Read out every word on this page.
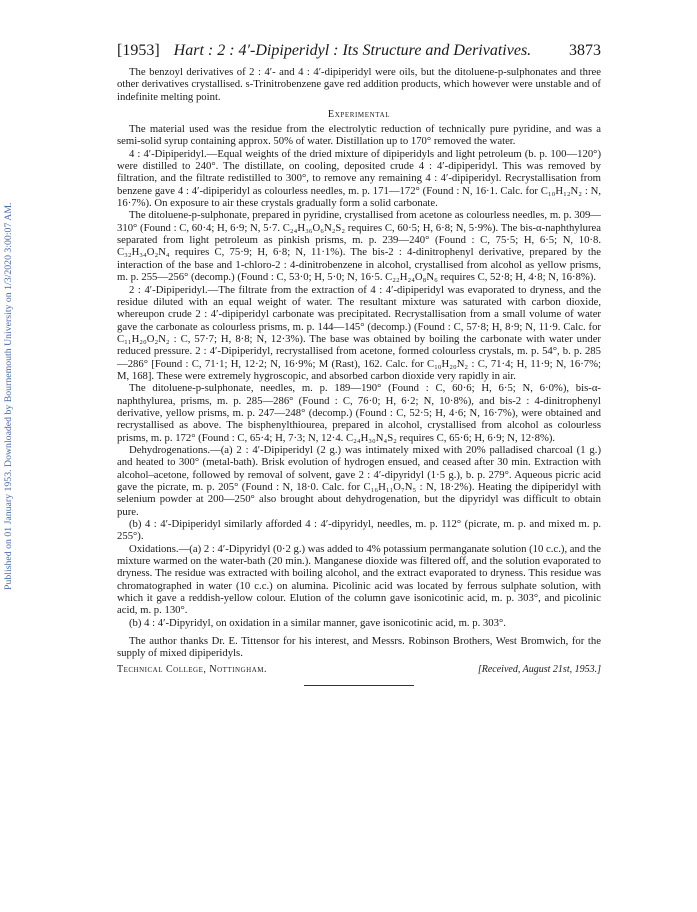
Published on 01 January 1953. Downloaded by Bournemouth University on 1/3/2020 3:00:07 AM.
[1953] Hart : 2 : 4′-Dipiperidyl : Its Structure and Derivatives.	3873

The benzoyl derivatives of 2 : 4′- and 4 : 4′-dipiperidyl were oils, but the ditoluene-p-sulphonates and three other derivatives crystallised. s-Trinitrobenzene gave red addition products, which however were unstable and of indefinite melting point.

Experimental

The material used was the residue from the electrolytic reduction of technically pure pyridine, and was a semi-solid syrup containing approx. 50% of water. Distillation up to 170° removed the water.

4 : 4′-Dipiperidyl.—Equal weights of the dried mixture of dipiperidyls and light petroleum (b. p. 100—120°) were distilled to 240°. The distillate, on cooling, deposited crude 4 : 4′-dipiperidyl. This was removed by filtration, and the filtrate redistilled to 300°, to remove any remaining 4 : 4′-dipiperidyl. Recrystallisation from benzene gave 4 : 4′-dipiperidyl as colourless needles, m. p. 171—172° (Found : N, 16·1. Calc. for C₁₀H₁₂N₂ : N, 16·7%). On exposure to air these crystals gradually form a solid carbonate.

The ditoluene-p-sulphonate, prepared in pyridine, crystallised from acetone as colourless needles, m. p. 309—310° (Found : C, 60·4; H, 6·9; N, 5·7. C₂₄H₃₆O₆N₂S₂ requires C, 60·5; H, 6·8; N, 5·9%). The bis-α-naphthylurea separated from light petroleum as pinkish prisms, m. p. 239—240° (Found : C, 75·5; H, 6·5; N, 10·8. C₃₂H₃₄O₂N₄ requires C, 75·9; H, 6·8; N, 11·1%). The bis-2 : 4-dinitrophenyl derivative, prepared by the interaction of the base and 1-chloro-2 : 4-dinitrobenzene in alcohol, crystallised from alcohol as yellow prisms, m. p. 255—256° (decomp.) (Found : C, 53·0; H, 5·0; N, 16·5. C₂₂H₂₄O₈N₆ requires C, 52·8; H, 4·8; N, 16·8%).

2 : 4′-Dipiperidyl.—The filtrate from the extraction of 4 : 4′-dipiperidyl was evaporated to dryness, and the residue diluted with an equal weight of water. The resultant mixture was saturated with carbon dioxide, whereupon crude 2 : 4′-dipiperidyl carbonate was precipitated. Recrystallisation from a small volume of water gave the carbonate as colourless prisms, m. p. 144—145° (decomp.) (Found : C, 57·8; H, 8·9; N, 11·9. Calc. for C₁₁H₂₀O₂N₂ : C, 57·7; H, 8·8; N, 12·3%). The base was obtained by boiling the carbonate with water under reduced pressure. 2 : 4′-Dipiperidyl, recrystallised from acetone, formed colourless crystals, m. p. 54°, b. p. 285—286° [Found : C, 71·1; H, 12·2; N, 16·9%; M (Rast), 162. Calc. for C₁₀H₂₀N₂ : C, 71·4; H, 11·9; N, 16·7%; M, 168]. These were extremely hygroscopic, and absorbed carbon dioxide very rapidly in air.

The ditoluene-p-sulphonate, needles, m. p. 189—190° (Found : C, 60·6; H, 6·5; N, 6·0%), bis-α-naphthylurea, prisms, m. p. 285—286° (Found : C, 76·0; H, 6·2; N, 10·8%), and bis-2 : 4-dinitrophenyl derivative, yellow prisms, m. p. 247—248° (decomp.) (Found : C, 52·5; H, 4·6; N, 16·7%), were obtained and recrystallised as above. The bisphenylthiourea, prepared in alcohol, crystallised from alcohol as colourless prisms, m. p. 172° (Found : C, 65·4; H, 7·3; N, 12·4. C₂₄H₃₀N₄S₂ requires C, 65·6; H, 6·9; N, 12·8%).

Dehydrogenations.—(a) 2 : 4′-Dipiperidyl (2 g.) was intimately mixed with 20% palladised charcoal (1 g.) and heated to 300° (metal-bath). Brisk evolution of hydrogen ensued, and ceased after 30 min. Extraction with alcohol–acetone, followed by removal of solvent, gave 2 : 4′-dipyridyl (1·5 g.), b. p. 279°. Aqueous picric acid gave the picrate, m. p. 205° (Found : N, 18·0. Calc. for C₁₆H₁₁O₇N₅ : N, 18·2%). Heating the dipiperidyl with selenium powder at 200—250° also brought about dehydrogenation, but the dipyridyl was difficult to obtain pure.

(b) 4 : 4′-Dipiperidyl similarly afforded 4 : 4′-dipyridyl, needles, m. p. 112° (picrate, m. p. and mixed m. p. 255°).

Oxidations.—(a) 2 : 4′-Dipyridyl (0·2 g.) was added to 4% potassium permanganate solution (10 c.c.), and the mixture warmed on the water-bath (20 min.). Manganese dioxide was filtered off, and the solution evaporated to dryness. The residue was extracted with boiling alcohol, and the extract evaporated to dryness. This residue was chromatographed in water (10 c.c.) on alumina. Picolinic acid was located by ferrous sulphate solution, with which it gave a reddish-yellow colour. Elution of the column gave isonicotinic acid, m. p. 303°, and picolinic acid, m. p. 130°.

(b) 4 : 4′-Dipyridyl, on oxidation in a similar manner, gave isonicotinic acid, m. p. 303°.

The author thanks Dr. E. Tittensor for his interest, and Messrs. Robinson Brothers, West Bromwich, for the supply of mixed dipiperidyls.

Technical College, Nottingham.	[Received, August 21st, 1953.]
